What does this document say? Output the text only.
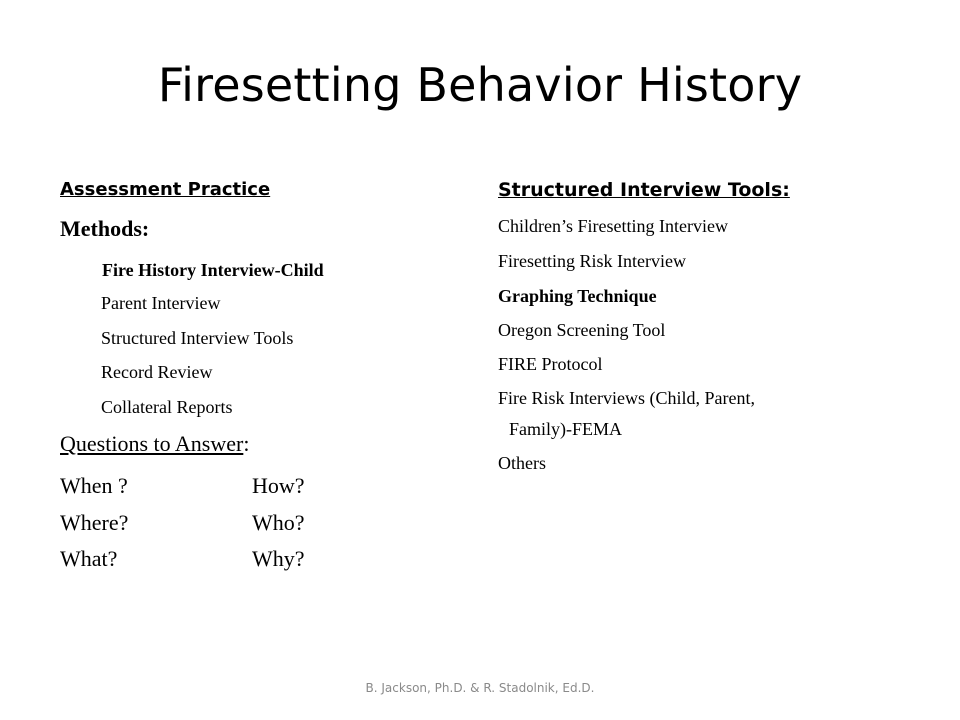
Firesetting Behavior History
Assessment Practice
Methods:
Fire History Interview-Child
Parent Interview
Structured Interview Tools
Record Review
Collateral Reports
Questions to Answer:
When ?	How?
Where?	Who?
What?	Why?
Structured Interview Tools:
Children’s Firesetting Interview
Firesetting Risk Interview
Graphing Technique
Oregon Screening Tool
FIRE Protocol
Fire Risk Interviews (Child, Parent,
Family)-FEMA
Others
B. Jackson, Ph.D. & R. Stadolnik, Ed.D.
